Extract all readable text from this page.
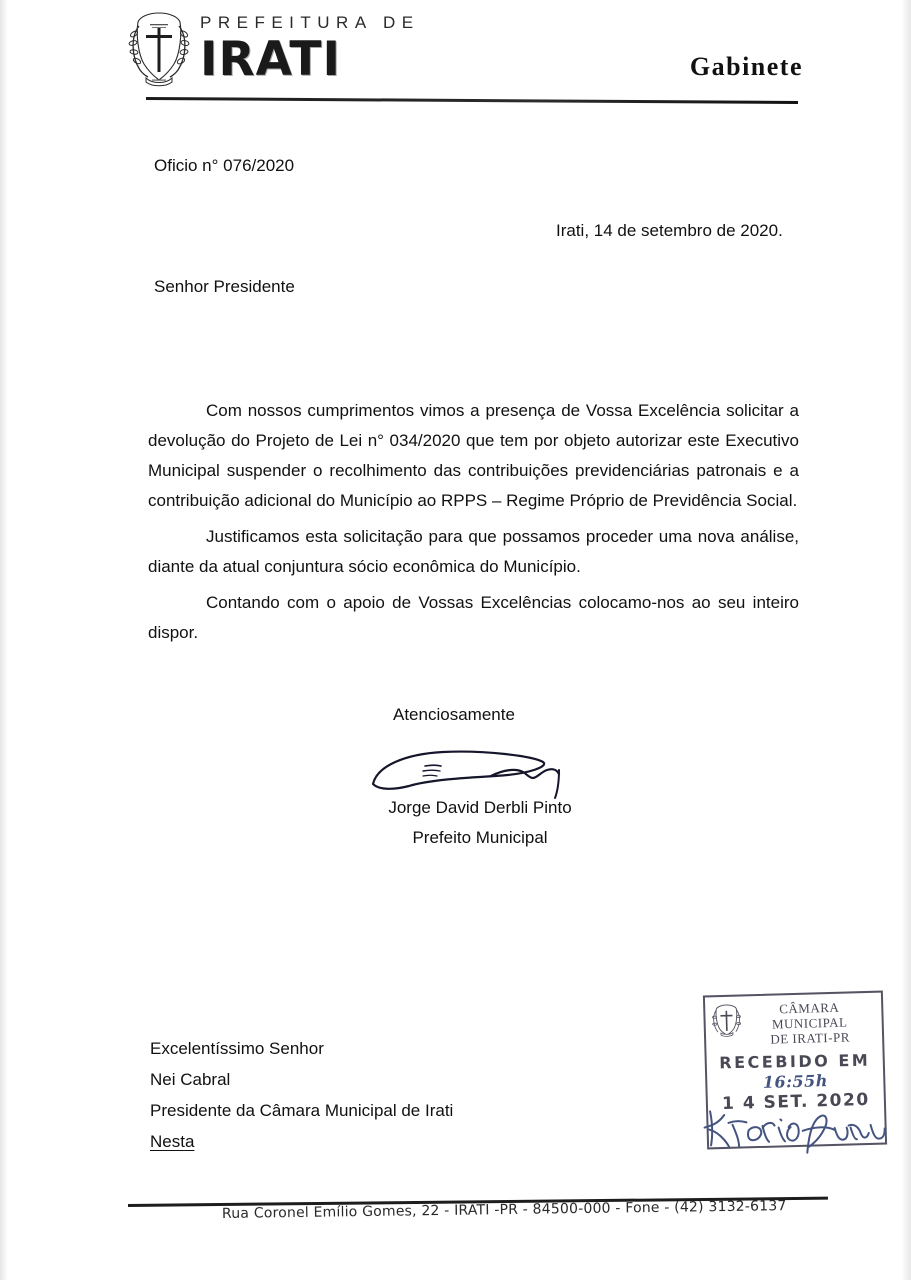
PREFEITURA DE
IRATI	Gabinete
Oficio n° 076/2020
Irati, 14 de setembro de 2020.
Senhor Presidente

Com nossos cumprimentos vimos a presença de Vossa Excelência solicitar a devolução do Projeto de Lei n° 034/2020 que tem por objeto autorizar este Executivo Municipal suspender o recolhimento das contribuições previdenciárias patronais e a contribuição adicional do Município ao RPPS – Regime Próprio de Previdência Social.

Justificamos esta solicitação para que possamos proceder uma nova análise, diante da atual conjuntura sócio econômica do Município.

Contando com o apoio de Vossas Excelências colocamo-nos ao seu inteiro dispor.

Atenciosamente
Jorge David Derbli Pinto
Prefeito Municipal
Excelentíssimo Senhor
Nei Cabral
Presidente da Câmara Municipal de Irati
Nesta
CÂMARA MUNICIPAL
DE IRATI-PR
RECEBIDO EM
16:55h
1 4 SET. 2020
Rua Coronel Emílio Gomes, 22 - IRATI -PR - 84500-000 - Fone - (42) 3132-6137
